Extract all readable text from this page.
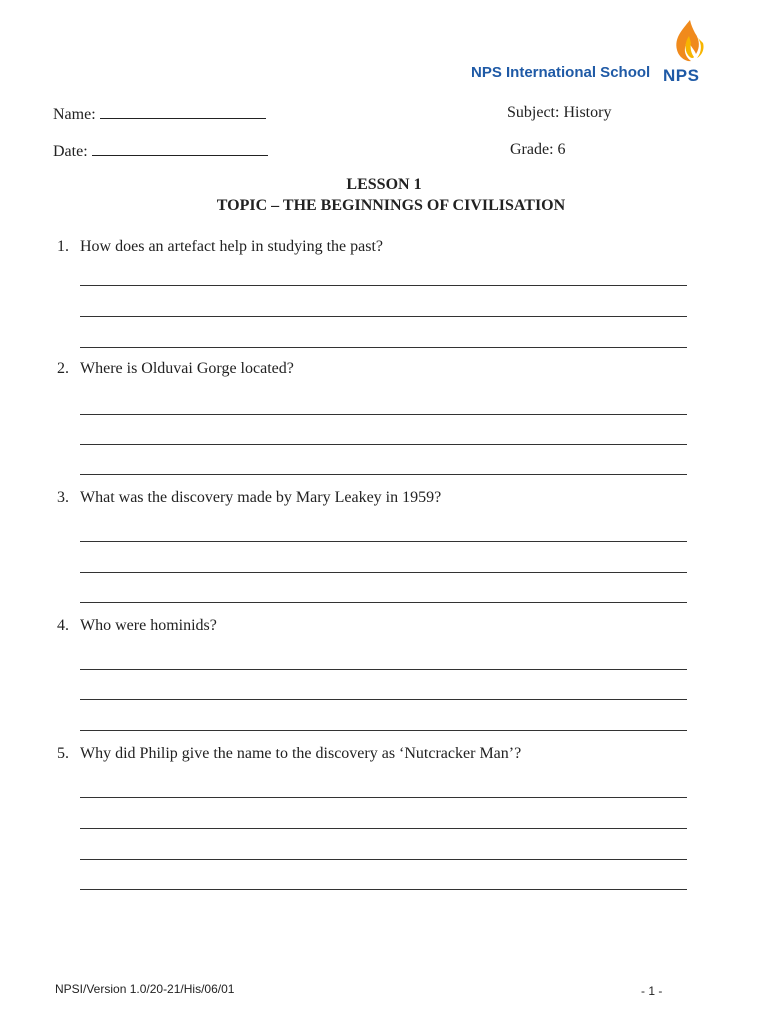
NPS International School NPS
Name:
Date:
Subject: History
Grade: 6
LESSON 1
TOPIC – THE BEGINNINGS OF CIVILISATION
1. How does an artefact help in studying the past?
2. Where is Olduvai Gorge located?
3. What was the discovery made by Mary Leakey in 1959?
4. Who were hominids?
5. Why did Philip give the name to the discovery as ‘Nutcracker Man’?
NPSI/Version 1.0/20-21/His/06/01	- 1 -
